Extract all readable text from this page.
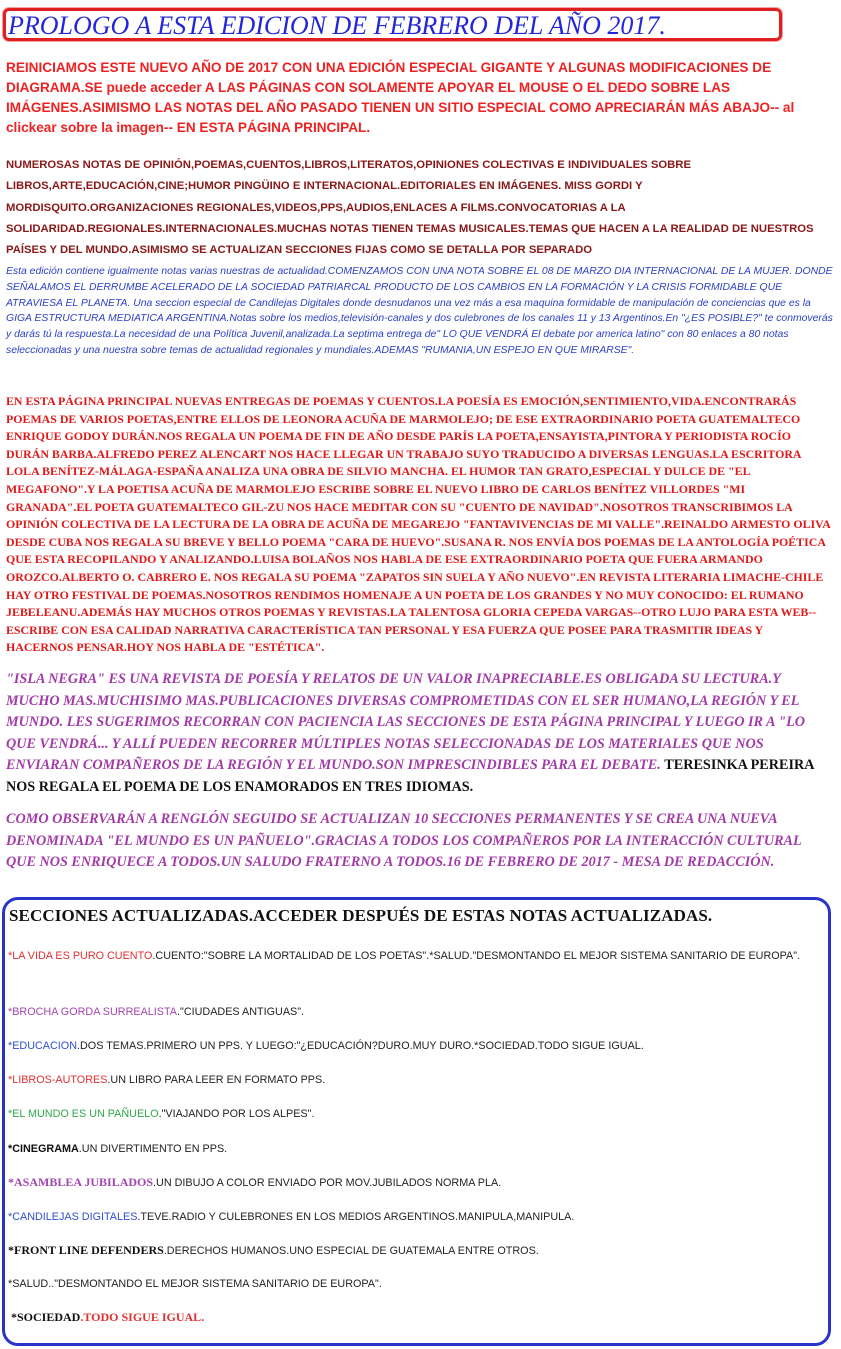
PROLOGO A ESTA EDICION DE FEBRERO DEL AÑO 2017.

REINICIAMOS ESTE NUEVO AÑO DE 2017 CON UNA EDICIÓN ESPECIAL GIGANTE Y ALGUNAS MODIFICACIONES DE DIAGRAMA.SE puede acceder A LAS PÁGINAS CON SOLAMENTE APOYAR EL MOUSE O EL DEDO SOBRE LAS IMÁGENES.ASIMISMO LAS NOTAS DEL AÑO PASADO TIENEN UN SITIO ESPECIAL COMO APRECIARÁN MÁS ABAJO-- al clickear sobre la imagen-- EN ESTA PÁGINA PRINCIPAL.

NUMEROSAS NOTAS DE OPINIÓN,POEMAS,CUENTOS,LIBROS,LITERATOS,OPINIONES COLECTIVAS E INDIVIDUALES SOBRE LIBROS,ARTE,EDUCACIÓN,CINE;HUMOR PINGÜINO E INTERNACIONAL.EDITORIALES EN IMÁGENES. MISS GORDI Y MORDISQUITO.ORGANIZACIONES REGIONALES,VIDEOS,PPS,AUDIOS,ENLACES A FILMS.CONVOCATORIAS A LA SOLIDARIDAD.REGIONALES.INTERNACIONALES.MUCHAS NOTAS TIENEN TEMAS MUSICALES.TEMAS QUE HACEN A LA REALIDAD DE NUESTROS PAÍSES Y DEL MUNDO.ASIMISMO SE ACTUALIZAN SECCIONES FIJAS COMO SE DETALLA POR SEPARADO

Esta edición contiene igualmente notas varias nuestras de actualidad.COMENZAMOS CON UNA NOTA SOBRE EL 08 DE MARZO DIA INTERNACIONAL DE LA MUJER. DONDE SEÑALAMOS EL DERRUMBE ACELERADO DE LA SOCIEDAD PATRIARCAL PRODUCTO DE LOS CAMBIOS EN LA FORMACIÓN Y LA CRISIS FORMIDABLE QUE ATRAVIESA EL PLANETA. Una seccion especial de Candilejas Digitales donde desnudanos una vez más a esa maquina formidable de manipulación de conciencias que es la GIGA ESTRUCTURA MEDIATICA ARGENTINA.Notas sobre los medios,televisión-canales y dos culebrones de los canales 11 y 13 Argentinos.En "¿ES POSIBLE?" te conmoverás y darás tú la respuesta.La necesidad de una Política Juvenil,analizada.La septima entrega de" LO QUE VENDRÁ El debate por america latino" con 80 enlaces a 80 notas seleccionadas y una nuestra sobre temas de actualidad regionales y mundiales.ADEMAS "RUMANIA,UN ESPEJO EN QUE MIRARSE".

EN ESTA PÁGINA PRINCIPAL NUEVAS ENTREGAS DE POEMAS Y CUENTOS.LA POESÍA ES EMOCIÓN,SENTIMIENTO,VIDA.ENCONTRARÁS POEMAS DE VARIOS POETAS,ENTRE ELLOS DE LEONORA ACUÑA DE MARMOLEJO; DE ESE EXTRAORDINARIO POETA GUATEMALTECO ENRIQUE GODOY DURÁN.NOS REGALA UN POEMA DE FIN DE AÑO DESDE PARÍS LA POETA,ENSAYISTA,PINTORA Y PERIODISTA ROCÍO DURÁN BARBA.ALFREDO PEREZ ALENCART NOS HACE LLEGAR UN TRABAJO SUYO TRADUCIDO A DIVERSAS LENGUAS.LA ESCRITORA LOLA BENÍTEZ-MÁLAGA-ESPAÑA ANALIZA UNA OBRA DE SILVIO MANCHA. EL HUMOR TAN GRATO,ESPECIAL Y DULCE DE "EL MEGAFONO".Y LA POETISA ACUÑA DE MARMOLEJO ESCRIBE SOBRE EL NUEVO LIBRO DE CARLOS BENÍTEZ VILLORDES "MI GRANADA".EL POETA GUATEMALTECO GIL-ZU NOS HACE MEDITAR CON SU "CUENTO DE NAVIDAD".NOSOTROS TRANSCRIBIMOS LA OPINIÓN COLECTIVA DE LA LECTURA DE LA OBRA DE ACUÑA DE MEGAREJO "FANTAVIVENCIAS DE MI VALLE".REINALDO ARMESTO OLIVA DESDE CUBA NOS REGALA SU BREVE Y BELLO POEMA "CARA DE HUEVO".SUSANA R. NOS ENVÍA DOS POEMAS DE LA ANTOLOGÍA POÉTICA QUE ESTA RECOPILANDO Y ANALIZANDO.LUISA BOLAÑOS NOS HABLA DE ESE EXTRAORDINARIO POETA QUE FUERA ARMANDO OROZCO.ALBERTO O. CABRERO E. NOS REGALA SU POEMA "ZAPATOS SIN SUELA Y AÑO NUEVO".EN REVISTA LITERARIA LIMACHE-CHILE HAY OTRO FESTIVAL DE POEMAS.NOSOTROS RENDIMOS HOMENAJE A UN POETA DE LOS GRANDES Y NO MUY CONOCIDO: EL RUMANO JEBELEANU.ADEMÁS HAY MUCHOS OTROS POEMAS Y REVISTAS.LA TALENTOSA GLORIA CEPEDA VARGAS--OTRO LUJO PARA ESTA WEB-- ESCRIBE CON ESA CALIDAD NARRATIVA CARACTERÍSTICA TAN PERSONAL Y ESA FUERZA QUE POSEE PARA TRASMITIR IDEAS Y HACERNOS PENSAR.HOY NOS HABLA DE "ESTÉTICA".

"ISLA NEGRA" ES UNA REVISTA DE POESÍA Y RELATOS DE UN VALOR INAPRECIABLE.ES OBLIGADA SU LECTURA.Y MUCHO MAS.MUCHISIMO MAS.PUBLICACIONES DIVERSAS COMPROMETIDAS CON EL SER HUMANO,LA REGIÓN Y EL MUNDO. LES SUGERIMOS RECORRAN CON PACIENCIA LAS SECCIONES DE ESTA PÁGINA PRINCIPAL Y LUEGO IR A "LO QUE VENDRÁ... Y ALLÍ PUEDEN RECORRER MÚLTIPLES NOTAS SELECCIONADAS DE LOS MATERIALES QUE NOS ENVIARAN COMPAÑEROS DE LA REGIÓN Y EL MUNDO.SON IMPRESCINDIBLES PARA EL DEBATE. TERESINKA PEREIRA NOS REGALA EL POEMA DE LOS ENAMORADOS EN TRES IDIOMAS.

COMO OBSERVARÁN A RENGLÓN SEGUIDO SE ACTUALIZAN 10 SECCIONES PERMANENTES Y SE CREA UNA NUEVA DENOMINADA "EL MUNDO ES UN PAÑUELO".GRACIAS A TODOS LOS COMPAÑEROS POR LA INTERACCIÓN CULTURAL QUE NOS ENRIQUECE A TODOS.UN SALUDO FRATERNO A TODOS.16 DE FEBRERO DE 2017 - MESA DE REDACCIÓN.

SECCIONES ACTUALIZADAS.ACCEDER DESPUÉS DE ESTAS NOTAS ACTUALIZADAS.

*LA VIDA ES PURO CUENTO.CUENTO:"SOBRE LA MORTALIDAD DE LOS POETAS".*SALUD."DESMONTANDO EL MEJOR SISTEMA SANITARIO DE EUROPA".

*BROCHA GORDA SURREALISTA."CIUDADES ANTIGUAS".

*EDUCACION.DOS TEMAS.PRIMERO UN PPS. Y LUEGO:"¿EDUCACIÓN?DURO.MUY DURO.*SOCIEDAD.TODO SIGUE IGUAL.

*LIBROS-AUTORES.UN LIBRO PARA LEER EN FORMATO PPS.

*EL MUNDO ES UN PAÑUELO."VIAJANDO POR LOS ALPES".

*CINEGRAMA.UN DIVERTIMENTO EN PPS.

*ASAMBLEA JUBILADOS.UN DIBUJO A COLOR ENVIADO POR MOV.JUBILADOS NORMA PLA.

*CANDILEJAS DIGITALES.TEVE.RADIO Y CULEBRONES EN LOS MEDIOS ARGENTINOS.MANIPULA,MANIPULA.

*FRONT LINE DEFENDERS.DERECHOS HUMANOS.UNO ESPECIAL DE GUATEMALA ENTRE OTROS.

*SALUD.."DESMONTANDO EL MEJOR SISTEMA SANITARIO DE EUROPA".

*SOCIEDAD.TODO SIGUE IGUAL.
